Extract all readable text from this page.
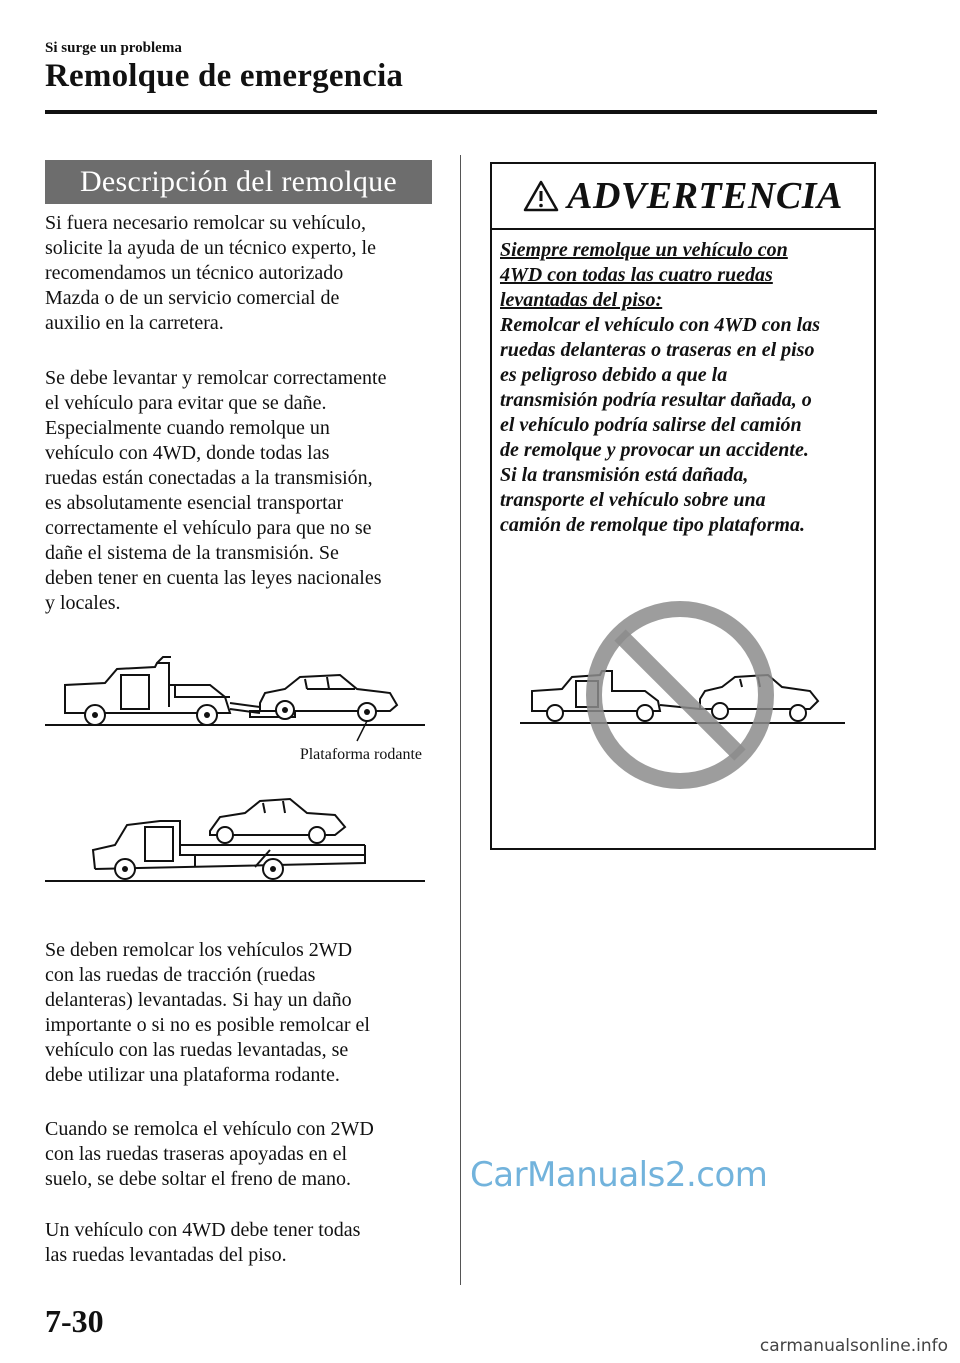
Si surge un problema
Remolque de emergencia
Descripción del remolque
Si fuera necesario remolcar su vehículo,
solicite la ayuda de un técnico experto, le
recomendamos un técnico autorizado
Mazda o de un servicio comercial de
auxilio en la carretera.
Se debe levantar y remolcar correctamente
el vehículo para evitar que se dañe.
Especialmente cuando remolque un
vehículo con 4WD, donde todas las
ruedas están conectadas a la transmisión,
es absolutamente esencial transportar
correctamente el vehículo para que no se
dañe el sistema de la transmisión. Se
deben tener en cuenta las leyes nacionales
y locales.
Plataforma rodante
Se deben remolcar los vehículos 2WD
con las ruedas de tracción (ruedas
delanteras) levantadas. Si hay un daño
importante o si no es posible remolcar el
vehículo con las ruedas levantadas, se
debe utilizar una plataforma rodante.
Cuando se remolca el vehículo con 2WD
con las ruedas traseras apoyadas en el
suelo, se debe soltar el freno de mano.
Un vehículo con 4WD debe tener todas
las ruedas levantadas del piso.
ADVERTENCIA
Siempre remolque un vehículo con
4WD con todas las cuatro ruedas
levantadas del piso:
Remolcar el vehículo con 4WD con las
ruedas delanteras o traseras en el piso
es peligroso debido a que la
transmisión podría resultar dañada, o
el vehículo podría salirse del camión
de remolque y provocar un accidente.
Si la transmisión está dañada,
transporte el vehículo sobre una
camión de remolque tipo plataforma.
CarManuals2.com
7-30
carmanualsonline.info
